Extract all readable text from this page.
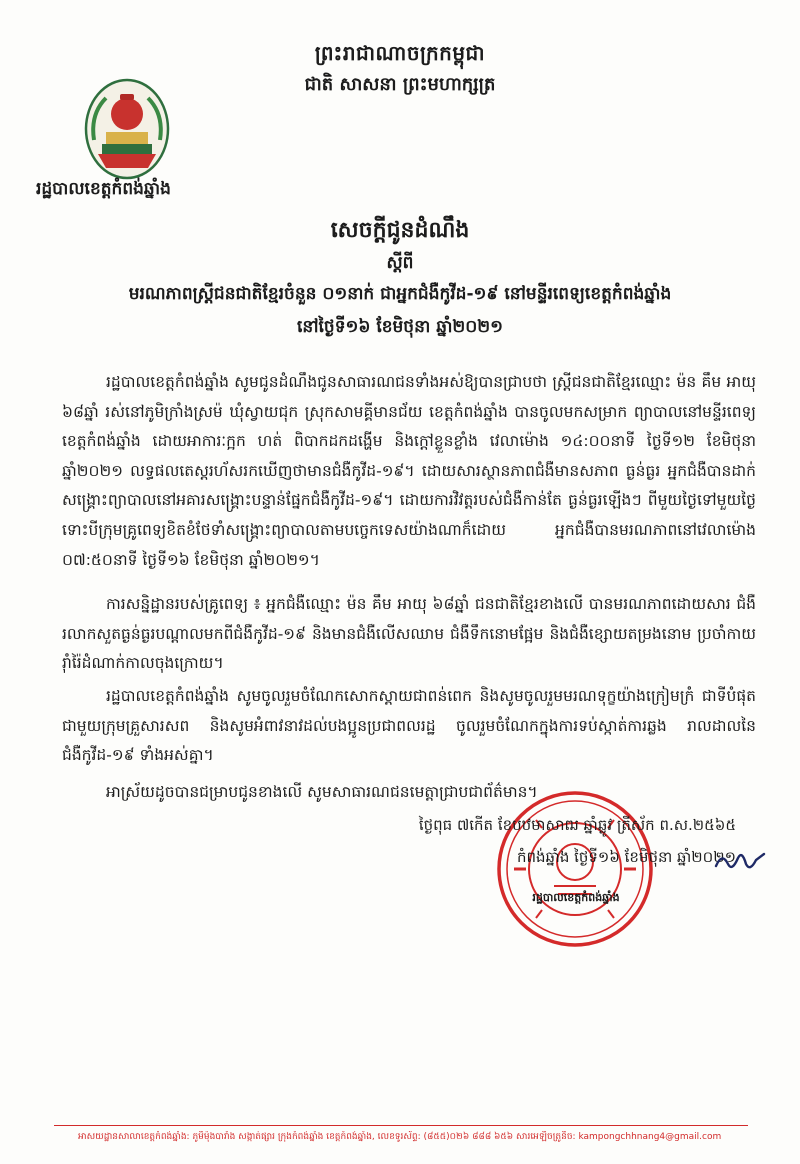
ព្រះរាជាណាចក្រកម្ពុជា
ជាតិ សាសនា ព្រះមហាក្សត្រ
រដ្ឋបាលខេត្តកំពង់ឆ្នាំង
សេចក្ដីជូនដំណឹង
ស្ដីពី
មរណភាពស្ត្រីជនជាតិខ្មែរចំនួន ០១នាក់ ជាអ្នកជំងឺកូវីដ-១៩ នៅមន្ទីរពេទ្យខេត្តកំពង់ឆ្នាំង
នៅថ្ងៃទី១៦ ខែមិថុនា ឆ្នាំ២០២១
រដ្ឋបាលខេត្តកំពង់ឆ្នាំង សូមជូនដំណឹងជូនសាធារណជនទាំងអស់ឱ្យបានជ្រាបថា ស្ត្រីជនជាតិខ្មែរឈ្មោះ ម៉ន គឹម អាយុ ៦៨ឆ្នាំ រស់នៅភូមិក្រាំងស្រម៉ ឃុំស្វាយជុក ស្រុកសាមគ្គីមានជ័យ ខេត្តកំពង់ឆ្នាំង បានចូលមកសម្រាក ព្យាបាលនៅមន្ទីរពេទ្យខេត្តកំពង់ឆ្នាំង ដោយអាការៈក្អក ហត់ ពិបាកដកដង្ហើម និងក្ដៅខ្លួនខ្លាំង វេលាម៉ោង ១៤:០០នាទី ថ្ងៃទី១២ ខែមិថុនា ឆ្នាំ២០២១ លទ្ធផលតេស្តរហ័សរកឃើញថាមានជំងឺកូវីដ-១៩។ ដោយសារស្ថានភាពជំងឺមានសភាព ធ្ងន់ធ្ងរ អ្នកជំងឺបានដាក់សង្គ្រោះព្យាបាលនៅអគារសង្គ្រោះបន្ទាន់ផ្នែកជំងឺកូវីដ-១៩។ ដោយការវិវត្តរបស់ជំងឺកាន់តែ ធ្ងន់ធ្ងរឡើងៗ ពីមួយថ្ងៃទៅមួយថ្ងៃ ទោះបីក្រុមគ្រូពេទ្យខិតខំថែទាំសង្គ្រោះព្យាបាលតាមបច្ចេកទេសយ៉ាងណាក៏ដោយ អ្នកជំងឺបានមរណភាពនៅវេលាម៉ោង ០៧:៥០នាទី ថ្ងៃទី១៦ ខែមិថុនា ឆ្នាំ២០២១។
ការសន្និដ្ឋានរបស់គ្រូពេទ្យ ៖ អ្នកជំងឺឈ្មោះ ម៉ន គឹម អាយុ ៦៨ឆ្នាំ ជនជាតិខ្មែរខាងលើ បានមរណភាពដោយសារ ជំងឺរលាកសួតធ្ងន់ធ្ងរបណ្ដាលមកពីជំងឺកូវីដ-១៩ និងមានជំងឺលើសឈាម ជំងឺទឹកនោមផ្អែម និងជំងឺខ្សោយតម្រងនោម ប្រចាំកាយរ៉ាំរ៉ៃដំណាក់កាលចុងក្រោយ។
រដ្ឋបាលខេត្តកំពង់ឆ្នាំង សូមចូលរួមចំណែកសោកស្ដាយជាពន់ពេក និងសូមចូលរួមមរណទុក្ខយ៉ាងក្រៀមក្រំ ជាទីបំផុតជាមួយក្រុមគ្រួសារសព និងសូមអំពាវនាវដល់បងប្អូនប្រជាពលរដ្ឋ ចូលរួមចំណែកក្នុងការទប់ស្កាត់ការឆ្លង រាលដាលនៃជំងឺកូវីដ-១៩ ទាំងអស់គ្នា។
អាស្រ័យដូចបានជម្រាបជូនខាងលើ សូមសាធារណជនមេត្តាជ្រាបជាព័ត៌មាន។
រដ្ឋបាលខេត្តកំពង់ឆ្នាំង
ថ្ងៃពុធ ៧កើត ខែបឋមាសាឍ ឆ្នាំឆ្លូវ ត្រីស័ក ព.ស.២៥៦៥
កំពង់ឆ្នាំង ថ្ងៃទី១៦ ខែមិថុនា ឆ្នាំ២០២១
អាសយដ្ឋានសាលាខេត្តកំពង់ឆ្នាំង: ភូមិម៉ុងបារាំង សង្កាត់ផ្សារ ក្រុងកំពង់ឆ្នាំង ខេត្តកំពង់ឆ្នាំង, លេខទូរស័ព្ទ: (៨៥៥)០២៦ ៨៨៨ ៦៥៦ សារអេឡិចត្រូនិច: kampongchhnang4@gmail.com
